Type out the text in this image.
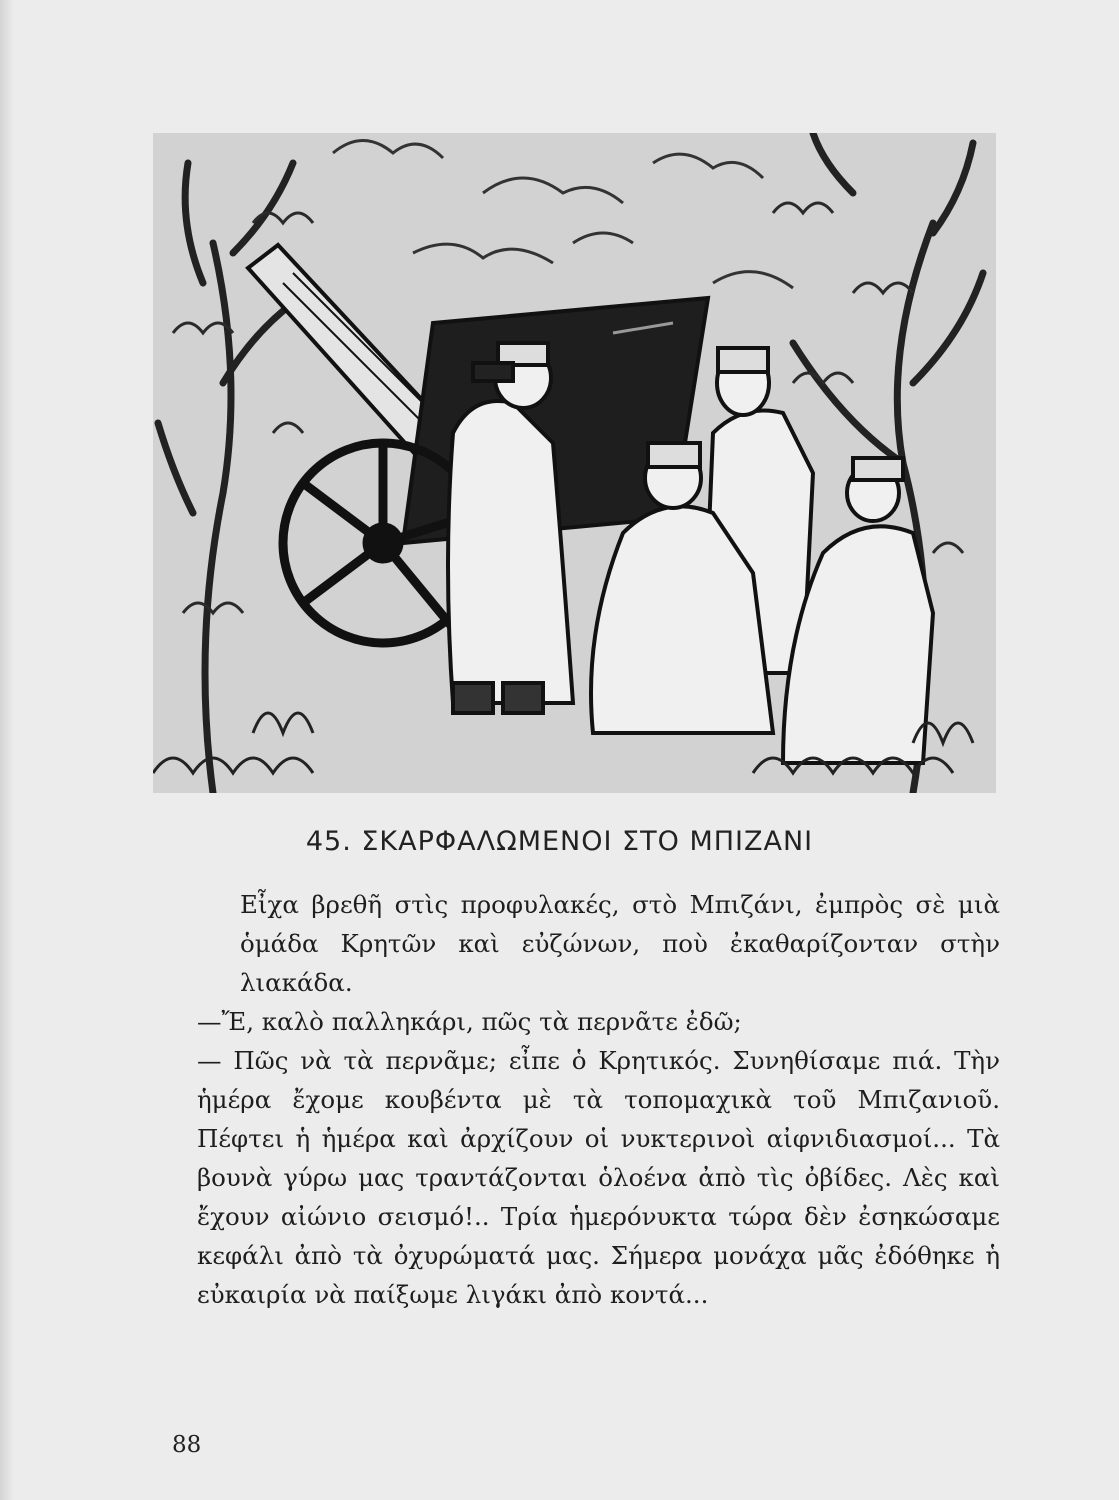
45. ΣΚΑΡΦΑΛΩΜΕΝΟΙ ΣΤΟ ΜΠΙΖΑΝΙ

Εἶχα βρεθῆ στὶς προφυλακές, στὸ Μπιζάνι, ἐμπρὸς σὲ μιὰ ὁμάδα Κρητῶν καὶ εὐζώνων, ποὺ ἐκαθαρίζονταν στὴν λιακάδα.

—Ἔ, καλὸ παλληκάρι, πῶς τὰ περνᾶτε ἐδῶ;

— Πῶς νὰ τὰ περνᾶμε; εἶπε ὁ Κρητικός. Συνηθίσαμε πιά. Τὴν ἡμέρα ἔχομε κουβέντα μὲ τὰ τοπομαχικὰ τοῦ Μπιζανιοῦ. Πέφτει ἡ ἡμέρα καὶ ἀρχίζουν οἱ νυκτερινοὶ αἰφνιδιασμοί... Τὰ βουνὰ γύρω μας τραντάζονται ὁλοένα ἀπὸ τὶς ὀβίδες. Λὲς καὶ ἔχουν αἰώνιο σεισμό!.. Τρία ἡμερόνυκτα τώρα δὲν ἐσηκώσαμε κεφάλι ἀπὸ τὰ ὀχυρώματά μας. Σήμερα μονάχα μᾶς ἐδόθηκε ἡ εὐκαιρία νὰ παίξωμε λιγάκι ἀπὸ κοντά...

88
